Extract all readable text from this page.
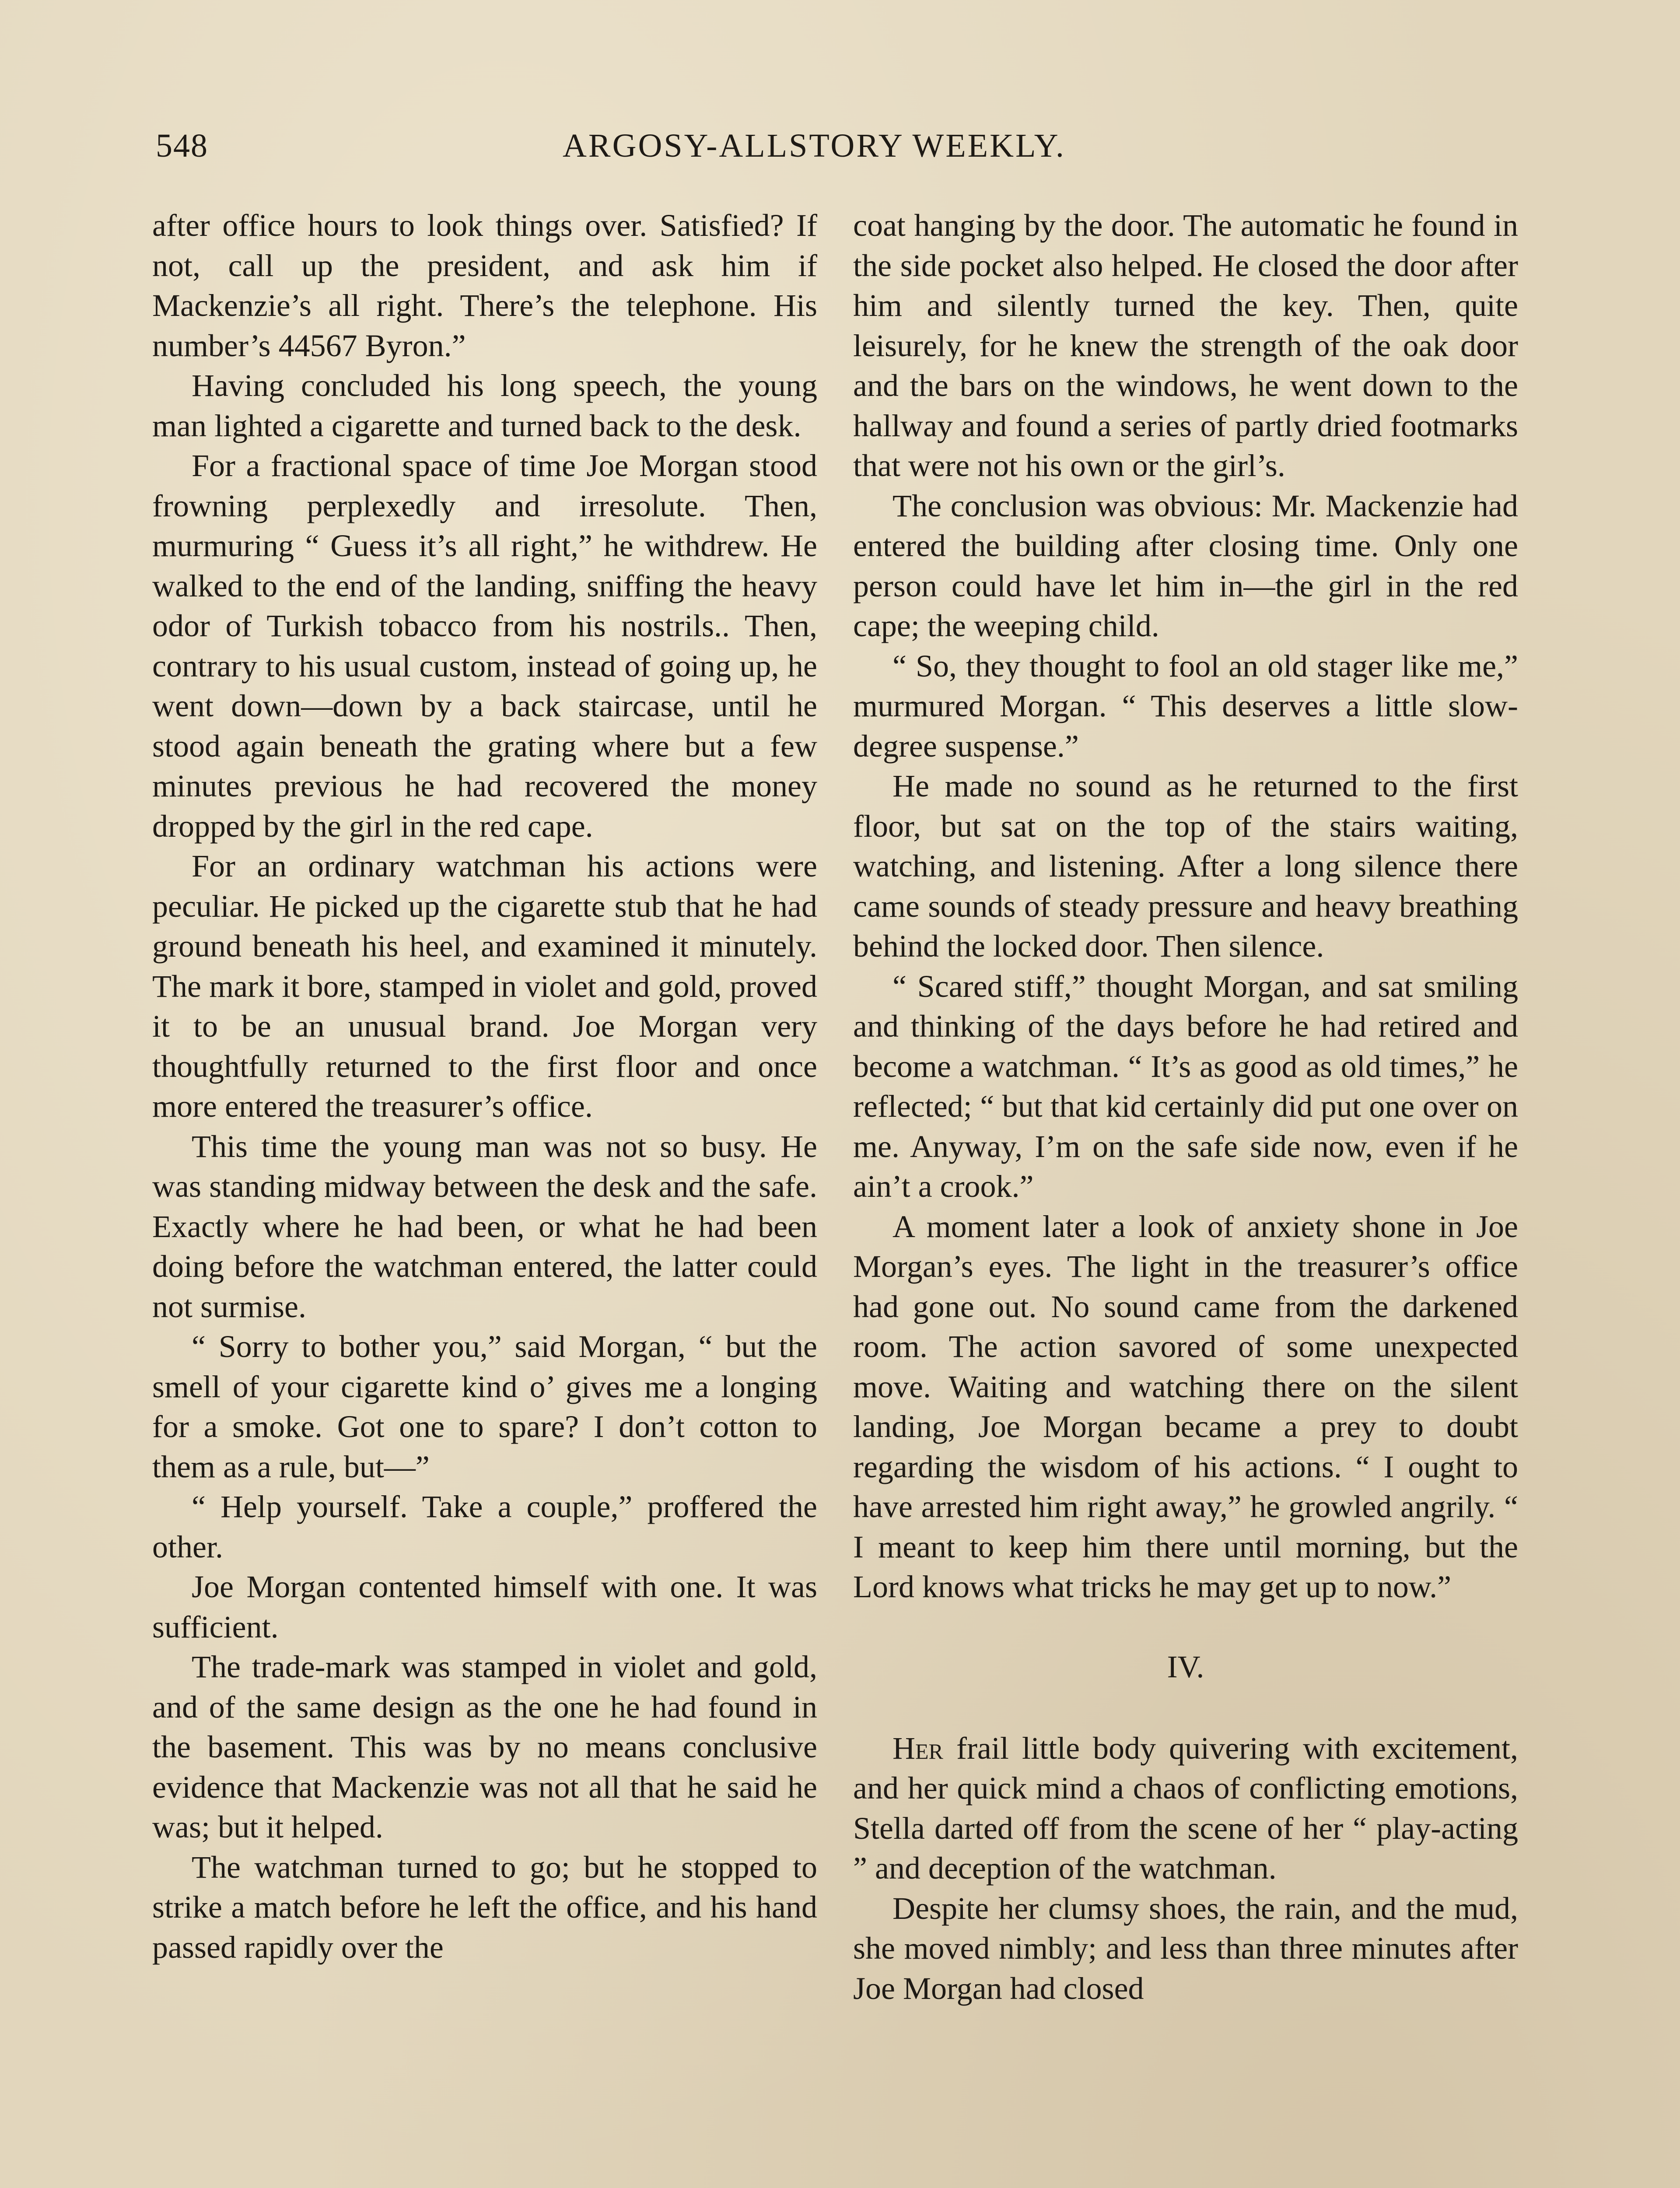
548	ARGOSY-ALLSTORY WEEKLY.

after office hours to look things over. Satisfied? If not, call up the president, and ask him if Mackenzie’s all right. There’s the telephone. His number’s 44567 Byron.”

Having concluded his long speech, the young man lighted a cigarette and turned back to the desk.

For a fractional space of time Joe Morgan stood frowning perplexedly and irresolute. Then, murmuring “ Guess it’s all right,” he withdrew. He walked to the end of the landing, sniffing the heavy odor of Turkish tobacco from his nostrils.. Then, contrary to his usual custom, instead of going up, he went down—down by a back staircase, until he stood again beneath the grating where but a few minutes previous he had recovered the money dropped by the girl in the red cape.

For an ordinary watchman his actions were peculiar. He picked up the cigarette stub that he had ground beneath his heel, and examined it minutely. The mark it bore, stamped in violet and gold, proved it to be an unusual brand. Joe Morgan very thoughtfully returned to the first floor and once more entered the treasurer’s office.

This time the young man was not so busy. He was standing midway between the desk and the safe. Exactly where he had been, or what he had been doing before the watchman entered, the latter could not surmise.

“ Sorry to bother you,” said Morgan, “ but the smell of your cigarette kind o’ gives me a longing for a smoke. Got one to spare? I don’t cotton to them as a rule, but—”

“ Help yourself. Take a couple,” proffered the other.

Joe Morgan contented himself with one. It was sufficient.

The trade-mark was stamped in violet and gold, and of the same design as the one he had found in the basement. This was by no means conclusive evidence that Mackenzie was not all that he said he was; but it helped.

The watchman turned to go; but he stopped to strike a match before he left the office, and his hand passed rapidly over the

coat hanging by the door. The automatic he found in the side pocket also helped. He closed the door after him and silently turned the key. Then, quite leisurely, for he knew the strength of the oak door and the bars on the windows, he went down to the hallway and found a series of partly dried footmarks that were not his own or the girl’s.

The conclusion was obvious: Mr. Mackenzie had entered the building after closing time. Only one person could have let him in—the girl in the red cape; the weeping child.

“ So, they thought to fool an old stager like me,” murmured Morgan. “ This deserves a little slow-degree suspense.”

He made no sound as he returned to the first floor, but sat on the top of the stairs waiting, watching, and listening. After a long silence there came sounds of steady pressure and heavy breathing behind the locked door. Then silence.

“ Scared stiff,” thought Morgan, and sat smiling and thinking of the days before he had retired and become a watchman. “ It’s as good as old times,” he reflected; “ but that kid certainly did put one over on me. Anyway, I’m on the safe side now, even if he ain’t a crook.”

A moment later a look of anxiety shone in Joe Morgan’s eyes. The light in the treasurer’s office had gone out. No sound came from the darkened room. The action savored of some unexpected move. Waiting and watching there on the silent landing, Joe Morgan became a prey to doubt regarding the wisdom of his actions. “ I ought to have arrested him right away,” he growled angrily. “ I meant to keep him there until morning, but the Lord knows what tricks he may get up to now.”

IV.

Her frail little body quivering with excitement, and her quick mind a chaos of conflicting emotions, Stella darted off from the scene of her “ play-acting ” and deception of the watchman.

Despite her clumsy shoes, the rain, and the mud, she moved nimbly; and less than three minutes after Joe Morgan had closed
